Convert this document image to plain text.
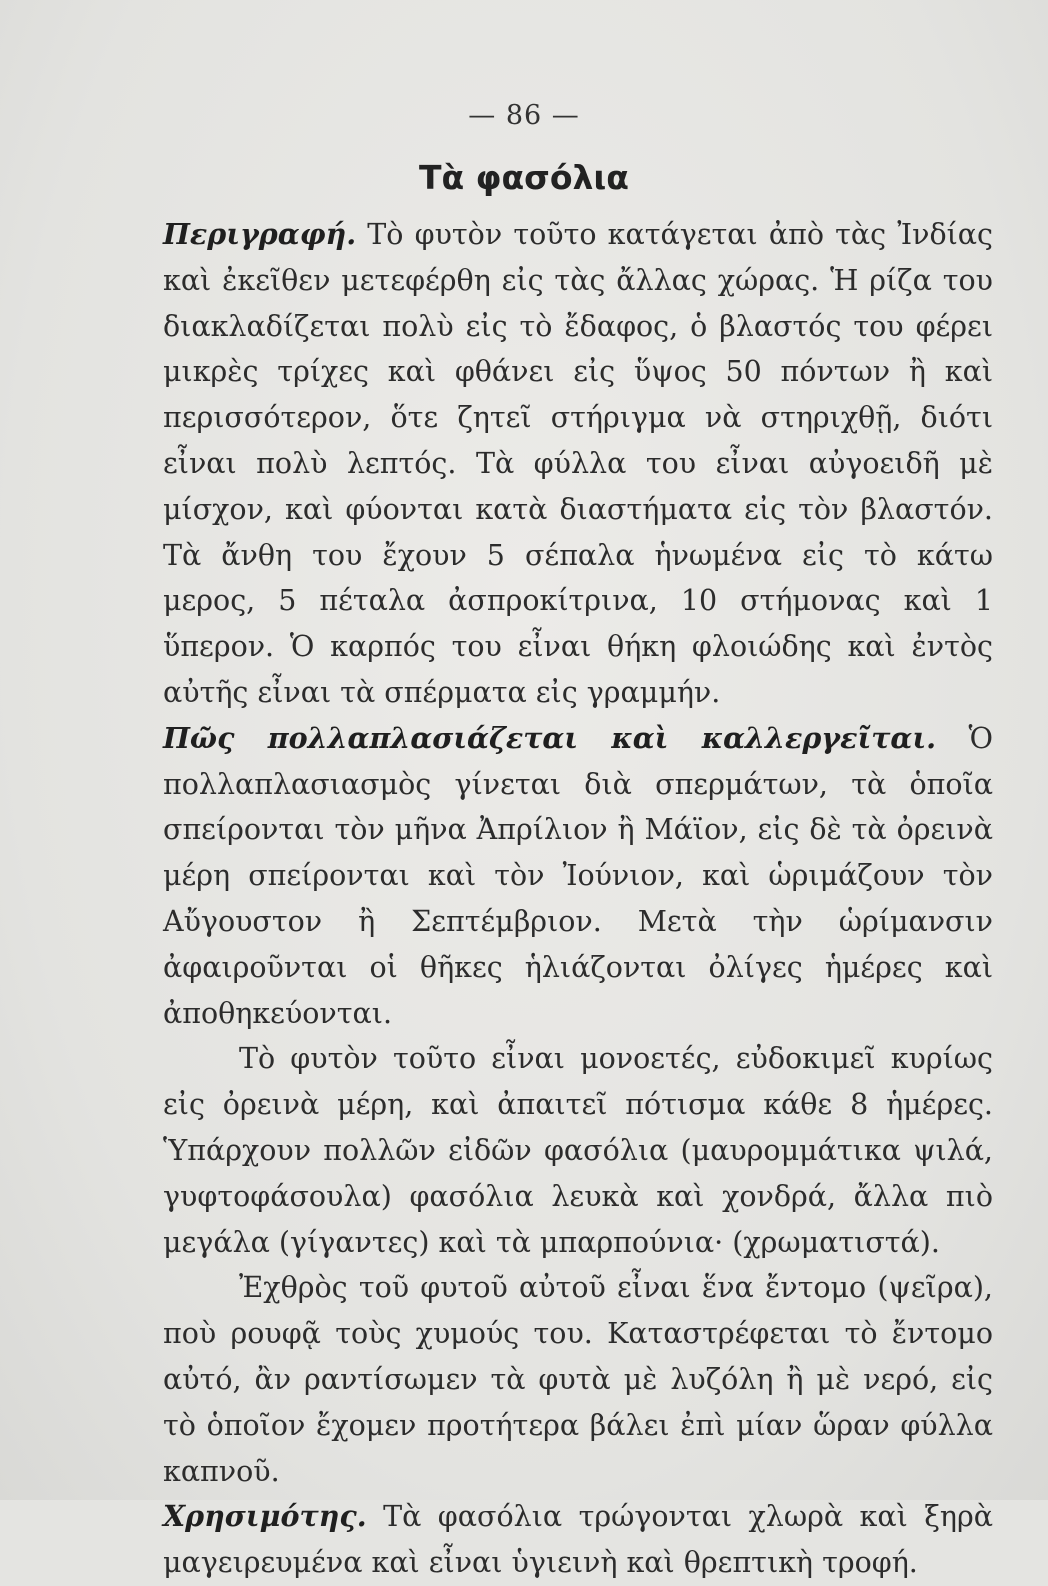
— 86 —
Τὰ φασόλια

Περιγραφή. Τὸ φυτὸν τοῦτο κατάγεται ἀπὸ τὰς Ἰνδίας καὶ ἐκεῖθεν μετεφέρθη εἰς τὰς ἄλλας χώρας. Ἡ ρίζα του διακλαδίζεται πολὺ εἰς τὸ ἔδαφος, ὁ βλαστός του φέρει μικρὲς τρίχες καὶ φθάνει εἰς ὕψος 50 πόντων ἢ καὶ περισσότερον, ὅτε ζητεῖ στήριγμα νὰ στηριχθῇ, διότι εἶναι πολὺ λεπτός. Τὰ φύλλα του εἶναι αὐγοειδῆ μὲ μίσχον, καὶ φύονται κατὰ διαστήματα εἰς τὸν βλαστόν. Τὰ ἄνθη του ἔχουν 5 σέπαλα ἡνωμένα εἰς τὸ κάτω μερος, 5 πέταλα ἀσπροκίτρινα, 10 στήμονας καὶ 1 ὕπερον. Ὁ καρπός του εἶναι θήκη φλοιώδης καὶ ἐντὸς αὐτῆς εἶναι τὰ σπέρματα εἰς γραμμήν.

Πῶς πολλαπλασιάζεται καὶ καλλεργεῖται. Ὁ πολλαπλασιασμὸς γίνεται διὰ σπερμάτων, τὰ ὁποῖα σπείρονται τὸν μῆνα Ἀπρίλιον ἢ Μάϊον, εἰς δὲ τὰ ὀρεινὰ μέρη σπείρονται καὶ τὸν Ἰούνιον, καὶ ὡριμάζουν τὸν Αὔγουστον ἢ Σεπτέμβριον. Μετὰ τὴν ὡρίμανσιν ἀφαιροῦνται οἱ θῆκες ἡλιάζονται ὀλίγες ἡμέρες καὶ ἀποθηκεύονται.

Τὸ φυτὸν τοῦτο εἶναι μονοετές, εὐδοκιμεῖ κυρίως εἰς ὀρεινὰ μέρη, καὶ ἀπαιτεῖ πότισμα κάθε 8 ἡμέρες. Ὑπάρχουν πολλῶν εἰδῶν φασόλια (μαυρομμάτικα ψιλά, γυφτοφάσουλα) φασόλια λευκὰ καὶ χονδρά, ἄλλα πιὸ μεγάλα (γίγαντες) καὶ τὰ μπαρπούνια· (χρωματιστά).

Ἐχθρὸς τοῦ φυτοῦ αὐτοῦ εἶναι ἕνα ἔντομο (ψεῖρα), ποὺ ρουφᾷ τοὺς χυμούς του. Καταστρέφεται τὸ ἔντομο αὐτό, ἂν ραντίσωμεν τὰ φυτὰ μὲ λυζόλη ἢ μὲ νερό, εἰς τὸ ὁποῖον ἔχομεν προτήτερα βάλει ἐπὶ μίαν ὥραν φύλλα καπνοῦ.

Χρησιμότης. Τὰ φασόλια τρώγονται χλωρὰ καὶ ξηρὰ μαγειρευμένα καὶ εἶναι ὑγιεινὴ καὶ θρεπτικὴ τροφή.
